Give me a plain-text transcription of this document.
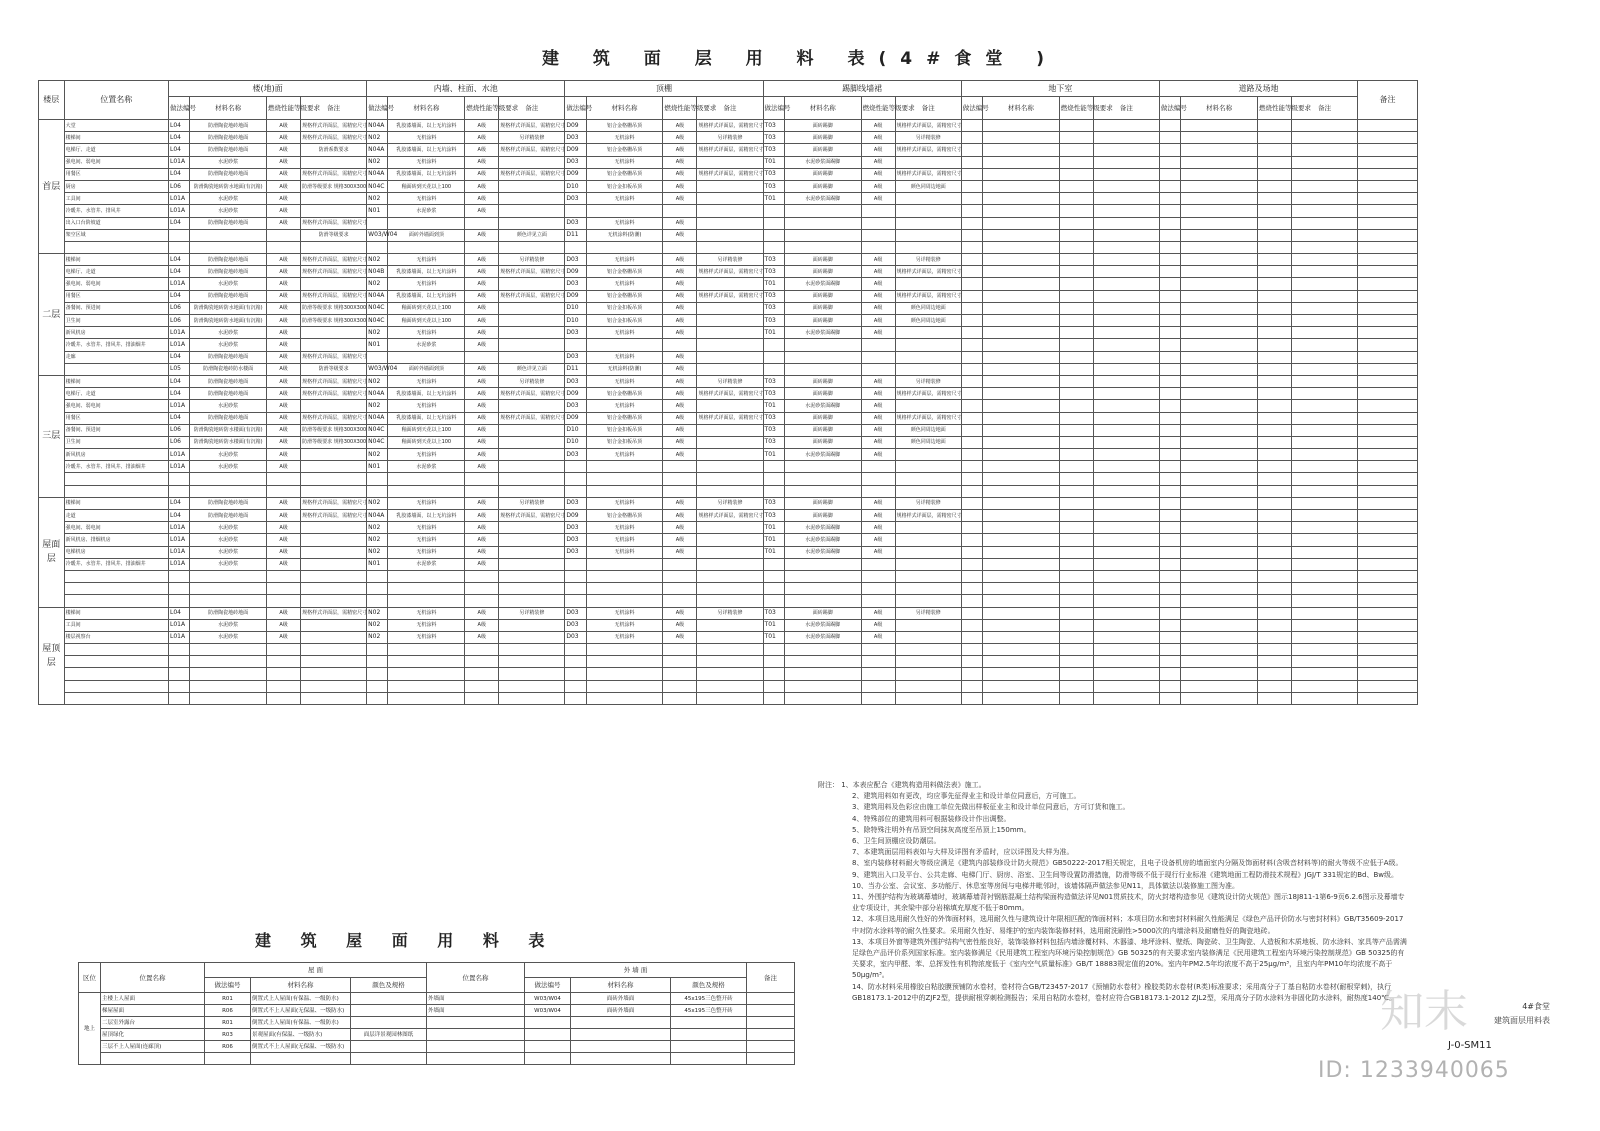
建 筑 面 层 用 料 表(4#食堂 )
楼层	位置名称	楼(地)面				内墙、柱面、水池				顶棚				踢脚线墙裙				地下室				道路及场地				备注
		做法编号	材料名称	燃烧性能等级要求	备注	做法编号	材料名称	燃烧性能等级要求	备注	做法编号	材料名称	燃烧性能等级要求	备注	做法编号	材料名称	燃烧性能等级要求	备注	做法编号	材料名称	燃烧性能等级要求	备注	做法编号	材料名称	燃烧性能等级要求	备注	
首层	大堂	L04	防滑陶瓷地砖地面	A级	规格样式详面层，需精密尺寸	N04A	乳胶漆墙面，以上无坑涂料	A级	规格样式详面层，需精密尺寸	D09	铝合金格栅吊顶	A级	规格样式详面层，需精密尺寸	T03	面砖踢脚	A级	规格样式详面层，需精密尺寸									
	楼梯间	L04	防滑陶瓷地砖地面	A级	规格样式详面层，需精密尺寸	N02	无机涂料	A级	另详精装修	D03	无机涂料	A级	另详精装修	T03	面砖踢脚	A级	另详精装修									
	电梯厅、走道	L04	防滑陶瓷地砖地面	A级	防滑系数要求	N04A	乳胶漆墙面，以上无坑涂料	A级	规格样式详面层，需精密尺寸	D09	铝合金格栅吊顶	A级	规格样式详面层，需精密尺寸	T03	面砖踢脚	A级	规格样式详面层，需精密尺寸									
	强电间、弱电间	L01A	水泥砂浆	A级		N02	无机涂料	A级		D03	无机涂料	A级		T01	水泥砂浆面踢脚	A级										
	用餐区	L04	防滑陶瓷地砖地面	A级	规格样式详面层，需精密尺寸	N04A	乳胶漆墙面，以上无坑涂料	A级	规格样式详面层，需精密尺寸	D09	铝合金格栅吊顶	A级	规格样式详面层，需精密尺寸	T03	面砖踢脚	A级	规格样式详面层，需精密尺寸									
	厨房	L06	防滑陶瓷地砖防水地面(有沉箱)	A级	防滑等级要求 规格300X300	N04C	釉面砖到天花以上100	A级		D10	铝合金扣板吊顶	A级		T03	面砖踢脚	A级	颜色同周边地面									
	工具间	L01A	水泥砂浆	A级		N02	无机涂料	A级		D03	无机涂料	A级		T01	水泥砂浆面踢脚	A级										
	冷暖井、水管井、排风井	L01A	水泥砂浆	A级		N01	水泥砂浆	A级																		
	出入口台阶坡道	L04	防滑陶瓷地砖地面	A级	规格样式详面层，需精密尺寸					D03	无机涂料	A级														
	架空区域				防滑等级要求	W03/W04	面砖外墙面到顶	A级	颜色详见立面	D11	无机涂料(防潮)	A级														

二层	楼梯间	L04	防滑陶瓷地砖地面	A级	规格样式详面层，需精密尺寸	N02	无机涂料	A级	另详精装修	D03	无机涂料	A级	另详精装修	T03	面砖踢脚	A级	另详精装修									
	电梯厅、走道	L04	防滑陶瓷地砖地面	A级	规格样式详面层，需精密尺寸	N04B	乳胶漆墙面，以上无坑涂料	A级	规格样式详面层，需精密尺寸	D09	铝合金格栅吊顶	A级	规格样式详面层，需精密尺寸	T03	面砖踢脚	A级	规格样式详面层，需精密尺寸									
	强电间、弱电间	L01A	水泥砂浆	A级		N02	无机涂料	A级		D03	无机涂料	A级		T01	水泥砂浆面踢脚	A级										
	用餐区	L04	防滑陶瓷地砖地面	A级	规格样式详面层，需精密尺寸	N04A	乳胶漆墙面，以上无坑涂料	A级	规格样式详面层，需精密尺寸	D09	铝合金格栅吊顶	A级	规格样式详面层，需精密尺寸	T03	面砖踢脚	A级	规格样式详面层，需精密尺寸									
	备餐间、预进间	L06	防滑陶瓷地砖防水地面(有沉箱)	A级	防滑等级要求 规格300X300	N04C	釉面砖到天花以上100	A级		D10	铝合金扣板吊顶	A级		T03	面砖踢脚	A级	颜色同周边地面									
	卫生间	L06	防滑陶瓷地砖防水地面(有沉箱)	A级	防滑等级要求 规格300X300	N04C	釉面砖到天花以上100	A级		D10	铝合金扣板吊顶	A级		T03	面砖踢脚	A级	颜色同周边地面									
	新风机房	L01A	水泥砂浆	A级		N02	无机涂料	A级		D03	无机涂料	A级		T01	水泥砂浆面踢脚	A级										
	冷暖井、水管井、排风井、排油烟井	L01A	水泥砂浆	A级		N01	水泥砂浆	A级																		
	走廊	L04	防滑陶瓷地砖地面	A级	规格样式详面层，需精密尺寸					D03	无机涂料	A级														
		L05	防滑陶瓷地砖防水楼面	A级	防滑等级要求	W03/W04	面砖外墙面到顶	A级	颜色详见立面	D11	无机涂料(防潮)	A级														
三层	楼梯间	L04	防滑陶瓷地砖地面	A级	规格样式详面层，需精密尺寸	N02	无机涂料	A级	另详精装修	D03	无机涂料	A级	另详精装修	T03	面砖踢脚	A级	另详精装修									
	电梯厅、走道	L04	防滑陶瓷地砖地面	A级	规格样式详面层，需精密尺寸	N04A	乳胶漆墙面，以上无坑涂料	A级	规格样式详面层，需精密尺寸	D09	铝合金格栅吊顶	A级	规格样式详面层，需精密尺寸	T03	面砖踢脚	A级	规格样式详面层，需精密尺寸									
	强电间、弱电间	L01A	水泥砂浆	A级		N02	无机涂料	A级		D03	无机涂料	A级		T01	水泥砂浆面踢脚	A级										
	用餐区	L04	防滑陶瓷地砖地面	A级	规格样式详面层，需精密尺寸	N04A	乳胶漆墙面，以上无坑涂料	A级	规格样式详面层，需精密尺寸	D09	铝合金格栅吊顶	A级	规格样式详面层，需精密尺寸	T03	面砖踢脚	A级	规格样式详面层，需精密尺寸									
	备餐间、预进间	L06	防滑陶瓷地砖防水楼面(有沉箱)	A级	防滑等级要求 规格300X300	N04C	釉面砖到天花以上100	A级		D10	铝合金扣板吊顶	A级		T03	面砖踢脚	A级	颜色同周边地面									
	卫生间	L06	防滑陶瓷地砖防水楼面(有沉箱)	A级	防滑等级要求 规格300X300	N04C	釉面砖到天花以上100	A级		D10	铝合金扣板吊顶	A级		T03	面砖踢脚	A级	颜色同周边地面									
	新风机房	L01A	水泥砂浆	A级		N02	无机涂料	A级		D03	无机涂料	A级		T01	水泥砂浆面踢脚	A级										
	冷暖井、水管井、排风井、排油烟井	L01A	水泥砂浆	A级		N01	水泥砂浆	A级																		

屋面层	楼梯间	L04	防滑陶瓷地砖地面	A级	规格样式详面层，需精密尺寸	N02	无机涂料	A级	另详精装修	D03	无机涂料	A级	另详精装修	T03	面砖踢脚	A级	另详精装修									
	走道	L04	防滑陶瓷地砖地面	A级	规格样式详面层，需精密尺寸	N04A	乳胶漆墙面，以上无坑涂料	A级	规格样式详面层，需精密尺寸	D09	铝合金格栅吊顶	A级	规格样式详面层，需精密尺寸	T03	面砖踢脚	A级	规格样式详面层，需精密尺寸									
	强电间、弱电间	L01A	水泥砂浆	A级		N02	无机涂料	A级		D03	无机涂料	A级		T01	水泥砂浆面踢脚	A级										
	新风机房、排烟机房	L01A	水泥砂浆	A级		N02	无机涂料	A级		D03	无机涂料	A级		T01	水泥砂浆面踢脚	A级										
	电梯机房	L01A	水泥砂浆	A级		N02	无机涂料	A级		D03	无机涂料	A级		T01	水泥砂浆面踢脚	A级										
	冷暖井、水管井、排风井、排油烟井	L01A	水泥砂浆	A级		N01	水泥砂浆	A级																		

屋顶层	楼梯间	L04	防滑陶瓷地砖地面	A级	规格样式详面层，需精密尺寸	N02	无机涂料	A级	另详精装修	D03	无机涂料	A级	另详精装修	T03	面砖踢脚	A级	另详精装修									
	工具间	L01A	水泥砂浆	A级		N02	无机涂料	A级		D03	无机涂料	A级		T01	水泥砂浆面踢脚	A级										
	楼层视察台	L01A	水泥砂浆	A级		N02	无机涂料	A级		D03	无机涂料	A级		T01	水泥砂浆面踢脚	A级										

建 筑 屋 面 用 料 表
区位	位置名称	屋 面			位置名称	外 墙 面			备注
		做法编号	材料名称	颜色及规格		做法编号	材料名称	颜色及规格	
地上	主楼上人屋面	R01	倒置式上人屋面(有保温、一级防水)		外墙面	W03/W04	面砖外墙面	45x195三色整开砖	
	梯屋屋面	R06	倒置式不上人屋面(无保温、一级防水)		外墙面	W03/W04	面砖外墙面	45x195三色整开砖	
	二层室外露台	R01	倒置式上人屋面(有保温、一级防水)						
	屋顶绿化	R03	景观屋面(有保温、一级防水)	面层详景观园林图纸					
	三层不上人屋面(连廊顶)	R06	倒置式不上人屋面(无保温、一级防水)						

附注： 1、本表应配合《建筑构造用料做法表》施工。

2、建筑用料如有更改，均应事先征得业主和设计单位同意后，方可施工。

3、建筑用料及色彩应由施工单位先做出样板征业主和设计单位同意后，方可订货和施工。

4、特殊部位的建筑用料可根据装修设计作出调整。

5、除特殊注明外有吊顶空间抹灰高度至吊顶上150mm。

6、卫生间顶棚应设防潮层。

7、本建筑面层用料表如与大样及详图有矛盾时，应以详图及大样为准。

8、室内装修材料耐火等级应满足《建筑内部装修设计防火规范》GB50222-2017相关规定，且电子设备机房的墙面室内分隔及饰面材料(含吸音材料等)的耐火等级不应低于A级。

9、建筑出入口及平台、公共走廊、电梯门厅、厨房、浴室、卫生间等设置防滑措施，防滑等级不低于现行行业标准《建筑地面工程防滑技术规程》JGJ/T 331规定的Bd、Bw级。

10、当办公室、会议室、多功能厅、休息室等房间与电梯井毗邻时，该墙体隔声做法参见N11，具体做法以装修施工图为准。

11、外围护结构为玻璃幕墙时，玻璃幕墙背衬钢筋混凝土结构梁面构造做法详见N01贯质技术，防火封堵构造参见《建筑设计防火规范》图示18J811-1第6-9页6.2.6图示及幕墙专业专项设计，其余梁中部分岩棉填充厚度不低于80mm。

12、本项目选用耐久性好的外饰面材料，选用耐久性与建筑设计年限相匹配的饰面材料；本项目防水和密封材料耐久性能满足《绿色产品评价防水与密封材料》GB/T35609-2017中对防水涂料等的耐久性要求。采用耐久性好、易维护的室内装饰装修材料，选用耐洗刷性>5000次的内墙涂料及耐磨性好的陶瓷地砖。

13、本项目外窗等建筑外围护结构气密性能良好，装饰装修材料包括内墙涂覆材料、木器漆、地坪涂料、壁纸、陶瓷砖、卫生陶瓷、人造板和木质地板、防水涂料、家具等产品需满足绿色产品评价系列国家标准。室内装修满足《民用建筑工程室内环境污染控制规范》GB 50325的有关要求室内装修满足《民用建筑工程室内环境污染控制规范》GB 50325的有关要求，室内甲醛、苯、总挥发性有机物浓度低于《室内空气质量标准》GB/T 18883规定值的20%。室内年PM2.5年均浓度不高于25μg/m³，且室内年PM10年均浓度不高于50μg/m³。

14、防水材料采用橡胶自粘胶膜预铺防水卷材，卷材符合GB/T23457-2017《预铺防水卷材》橡胶类防水卷材(R类)标准要求；采用高分子丁基自粘防水卷材(耐根穿刺)，执行 GB18173.1-2012中的ZJF2型，提供耐根穿刺检测报告；采用自粘防水卷材，卷材应符合GB18173.1-2012 ZJL2型，采用高分子防水涂料为非固化防水涂料，耐热度140℃。

4#食堂
建筑面层用料表
J-0-SM11
知末
ID: 1233940065
